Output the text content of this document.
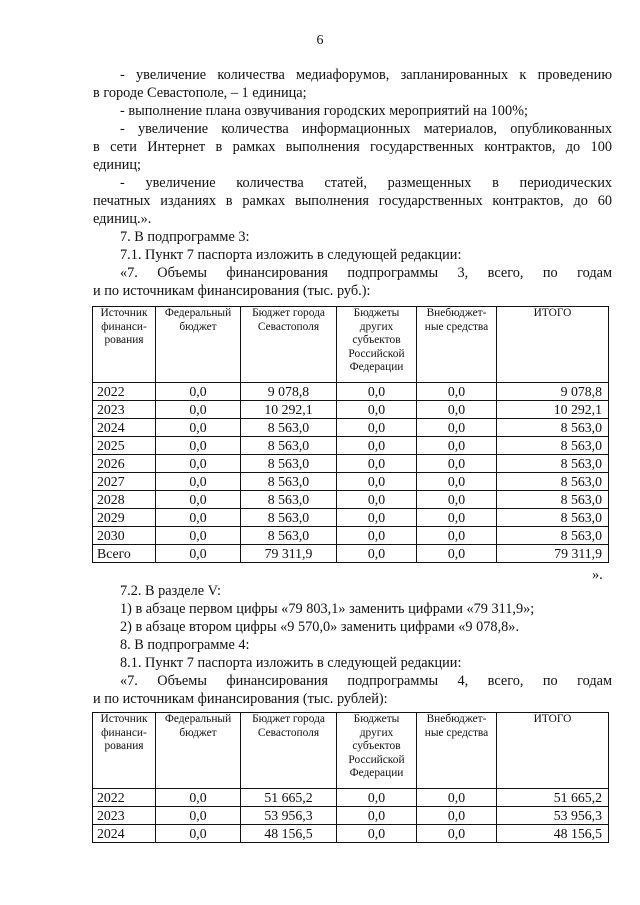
6
- увеличение количества медиафорумов, запланированных к проведению
в городе Севастополе, – 1 единица;
- выполнение плана озвучивания городских мероприятий на 100%;
- увеличение количества информационных материалов, опубликованных
в сети Интернет в рамках выполнения государственных контрактов, до 100
единиц;
- увеличение количества статей, размещенных в периодических
печатных изданиях в рамках выполнения государственных контрактов, до 60
единиц.».
7. В подпрограмме 3:
7.1. Пункт 7 паспорта изложить в следующей редакции:
«7. Объемы финансирования подпрограммы 3, всего, по годам
и по источникам финансирования (тыс. руб.):
Источник финанси-рования	Федеральный бюджет	Бюджет города Севастополя	Бюджеты других субъектов Российской Федерации	Внебюджет-ные средства	ИТОГО
2022	0,0	9 078,8	0,0	0,0	9 078,8
2023	0,0	10 292,1	0,0	0,0	10 292,1
2024	0,0	8 563,0	0,0	0,0	8 563,0
2025	0,0	8 563,0	0,0	0,0	8 563,0
2026	0,0	8 563,0	0,0	0,0	8 563,0
2027	0,0	8 563,0	0,0	0,0	8 563,0
2028	0,0	8 563,0	0,0	0,0	8 563,0
2029	0,0	8 563,0	0,0	0,0	8 563,0
2030	0,0	8 563,0	0,0	0,0	8 563,0
Всего	0,0	79 311,9	0,0	0,0	79 311,9
».
7.2. В разделе V:
1) в абзаце первом цифры «79 803,1» заменить цифрами «79 311,9»;
2) в абзаце втором цифры «9 570,0» заменить цифрами «9 078,8».
8. В подпрограмме 4:
8.1. Пункт 7 паспорта изложить в следующей редакции:
«7. Объемы финансирования подпрограммы 4, всего, по годам
и по источникам финансирования (тыс. рублей):
Источник финанси-рования	Федеральный бюджет	Бюджет города Севастополя	Бюджеты других субъектов Российской Федерации	Внебюджет-ные средства	ИТОГО
2022	0,0	51 665,2	0,0	0,0	51 665,2
2023	0,0	53 956,3	0,0	0,0	53 956,3
2024	0,0	48 156,5	0,0	0,0	48 156,5
